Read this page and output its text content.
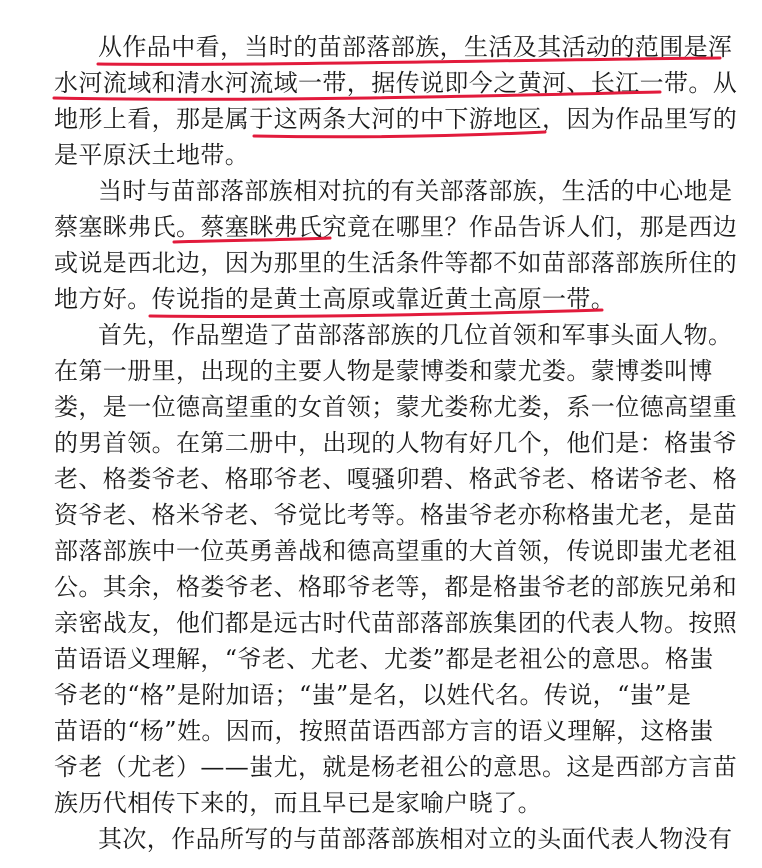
从作品中看，当时的苗部落部族，生活及其活动的范围是浑
水河流域和清水河流域一带，据传说即今之黄河、长江一带。从
地形上看，那是属于这两条大河的中下游地区，因为作品里写的
是平原沃土地带。
当时与苗部落部族相对抗的有关部落部族，生活的中心地是
蔡塞眯弗氏。蔡塞眯弗氏究竟在哪里？作品告诉人们，那是西边
或说是西北边，因为那里的生活条件等都不如苗部落部族所住的
地方好。传说指的是黄土高原或靠近黄土高原一带。
首先，作品塑造了苗部落部族的几位首领和军事头面人物。
在第一册里，出现的主要人物是蒙博娄和蒙尤娄。蒙博娄叫博
娄，是一位德高望重的女首领；蒙尤娄称尤娄，系一位德高望重
的男首领。在第二册中，出现的人物有好几个，他们是：格蚩爷
老、格娄爷老、格耶爷老、嘎骚卯碧、格武爷老、格诺爷老、格
资爷老、格米爷老、爷觉比考等。格蚩爷老亦称格蚩尤老，是苗
部落部族中一位英勇善战和德高望重的大首领，传说即蚩尤老祖
公。其余，格娄爷老、格耶爷老等，都是格蚩爷老的部族兄弟和
亲密战友，他们都是远古时代苗部落部族集团的代表人物。按照
苗语语义理解，“爷老、尤老、尤娄”都是老祖公的意思。格蚩
爷老的“格”是附加语；“蚩”是名，以姓代名。传说，“蚩”是
苗语的“杨”姓。因而，按照苗语西部方言的语义理解，这格蚩
爷老（尤老）——蚩尤，就是杨老祖公的意思。这是西部方言苗
族历代相传下来的，而且早已是家喻户晓了。
其次，作品所写的与苗部落部族相对立的头面代表人物没有
